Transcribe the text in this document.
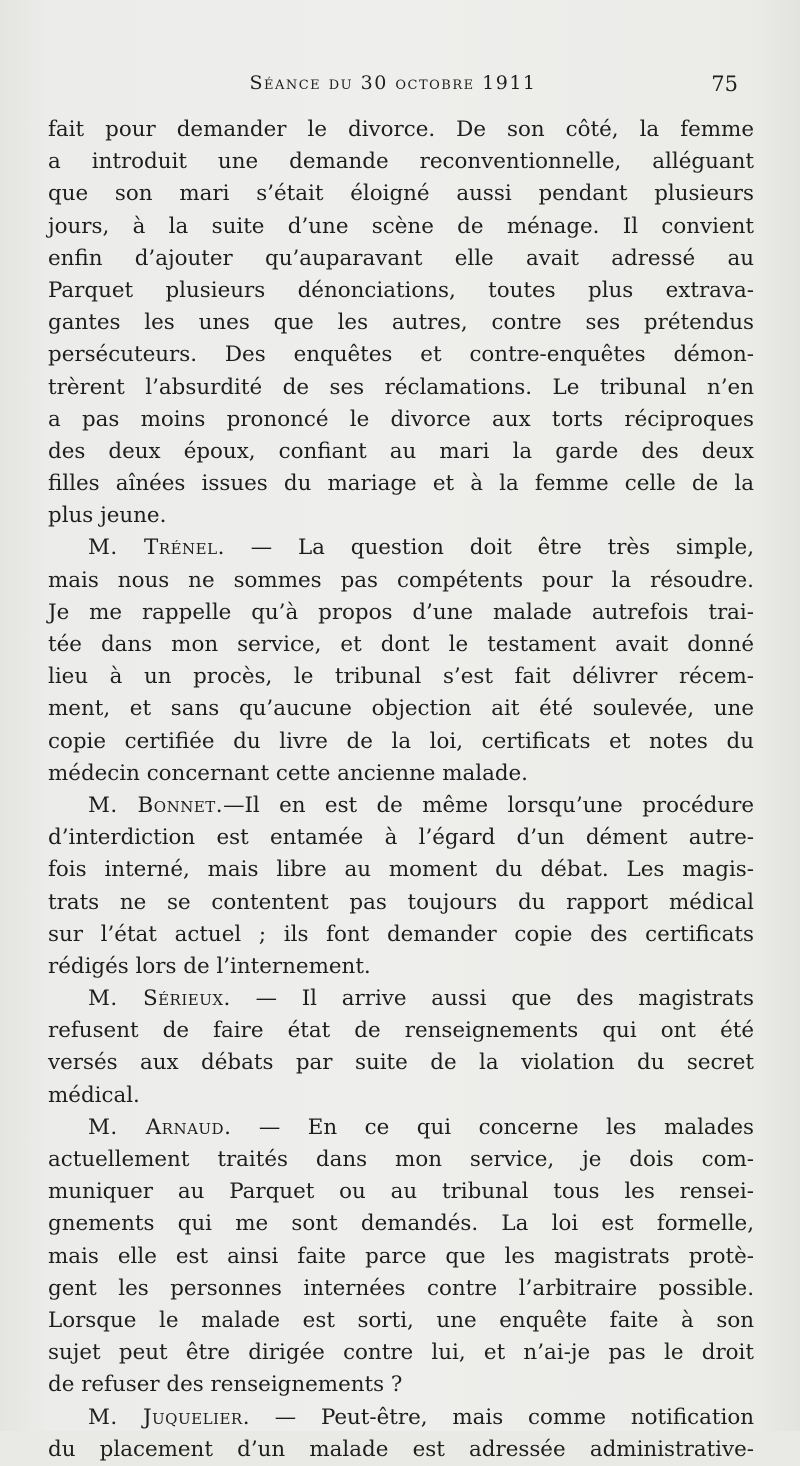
Séance du 30 octobre 1911	75
fait pour demander le divorce. De son côté, la femme
a introduit une demande reconventionnelle, alléguant
que son mari s’était éloigné aussi pendant plusieurs
jours, à la suite d’une scène de ménage. Il convient
enfin d’ajouter qu’auparavant elle avait adressé au
Parquet plusieurs dénonciations, toutes plus extrava-
gantes les unes que les autres, contre ses prétendus
persécuteurs. Des enquêtes et contre-enquêtes démon-
trèrent l’absurdité de ses réclamations. Le tribunal n’en
a pas moins prononcé le divorce aux torts réciproques
des deux époux, confiant au mari la garde des deux
filles aînées issues du mariage et à la femme celle de la
plus jeune.
M. Trénel. — La question doit être très simple,
mais nous ne sommes pas compétents pour la résoudre.
Je me rappelle qu’à propos d’une malade autrefois trai-
tée dans mon service, et dont le testament avait donné
lieu à un procès, le tribunal s’est fait délivrer récem-
ment, et sans qu’aucune objection ait été soulevée, une
copie certifiée du livre de la loi, certificats et notes du
médecin concernant cette ancienne malade.
M. Bonnet.—Il en est de même lorsqu’une procédure
d’interdiction est entamée à l’égard d’un dément autre-
fois interné, mais libre au moment du débat. Les magis-
trats ne se contentent pas toujours du rapport médical
sur l’état actuel ; ils font demander copie des certificats
rédigés lors de l’internement.
M. Sérieux. — Il arrive aussi que des magistrats
refusent de faire état de renseignements qui ont été
versés aux débats par suite de la violation du secret
médical.
M. Arnaud. — En ce qui concerne les malades
actuellement traités dans mon service, je dois com-
muniquer au Parquet ou au tribunal tous les rensei-
gnements qui me sont demandés. La loi est formelle,
mais elle est ainsi faite parce que les magistrats protè-
gent les personnes internées contre l’arbitraire possible.
Lorsque le malade est sorti, une enquête faite à son
sujet peut être dirigée contre lui, et n’ai-je pas le droit
de refuser des renseignements ?
M. Juquelier. — Peut-être, mais comme notification
du placement d’un malade est adressée administrative-
